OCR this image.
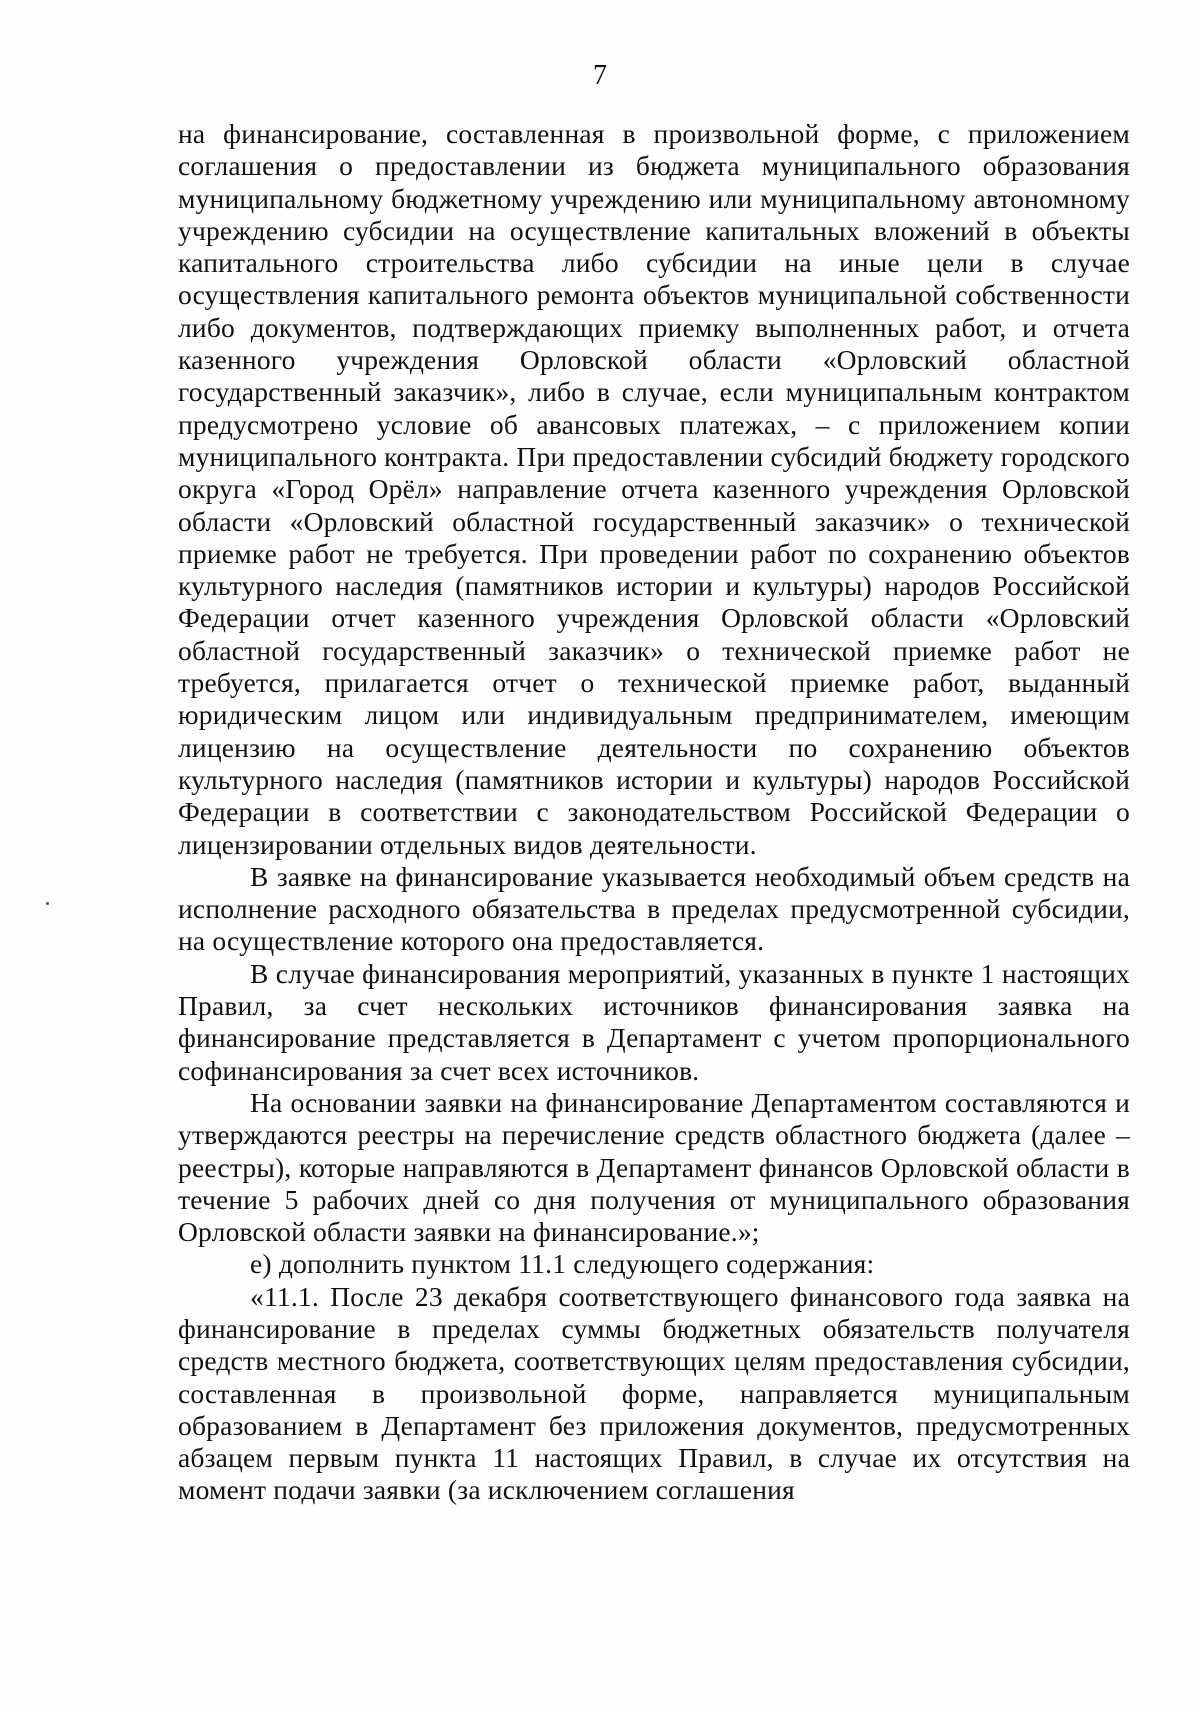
7

на финансирование, составленная в произвольной форме, с приложением соглашения о предоставлении из бюджета муниципального образования муниципальному бюджетному учреждению или муниципальному автономному учреждению субсидии на осуществление капитальных вложений в объекты капитального строительства либо субсидии на иные цели в случае осуществления капитального ремонта объектов муниципальной собственности либо документов, подтверждающих приемку выполненных работ, и отчета казенного учреждения Орловской области «Орловский областной государственный заказчик», либо в случае, если муниципальным контрактом предусмотрено условие об авансовых платежах, – с приложением копии муниципального контракта. При предоставлении субсидий бюджету городского округа «Город Орёл» направление отчета казенного учреждения Орловской области «Орловский областной государственный заказчик» о технической приемке работ не требуется. При проведении работ по сохранению объектов культурного наследия (памятников истории и культуры) народов Российской Федерации отчет казенного учреждения Орловской области «Орловский областной государственный заказчик» о технической приемке работ не требуется, прилагается отчет о технической приемке работ, выданный юридическим лицом или индивидуальным предпринимателем, имеющим лицензию на осуществление деятельности по сохранению объектов культурного наследия (памятников истории и культуры) народов Российской Федерации в соответствии с законодательством Российской Федерации о лицензировании отдельных видов деятельности.

В заявке на финансирование указывается необходимый объем средств на исполнение расходного обязательства в пределах предусмотренной субсидии, на осуществление которого она предоставляется.

В случае финансирования мероприятий, указанных в пункте 1 настоящих Правил, за счет нескольких источников финансирования заявка на финансирование представляется в Департамент с учетом пропорционального софинансирования за счет всех источников.

На основании заявки на финансирование Департаментом составляются и утверждаются реестры на перечисление средств областного бюджета (далее – реестры), которые направляются в Департамент финансов Орловской области в течение 5 рабочих дней со дня получения от муниципального образования Орловской области заявки на финансирование.»;

е) дополнить пунктом 11.1 следующего содержания:

«11.1. После 23 декабря соответствующего финансового года заявка на финансирование в пределах суммы бюджетных обязательств получателя средств местного бюджета, соответствующих целям предоставления субсидии, составленная в произвольной форме, направляется муниципальным образованием в Департамент без приложения документов, предусмотренных абзацем первым пункта 11 настоящих Правил, в случае их отсутствия на момент подачи заявки (за исключением соглашения
